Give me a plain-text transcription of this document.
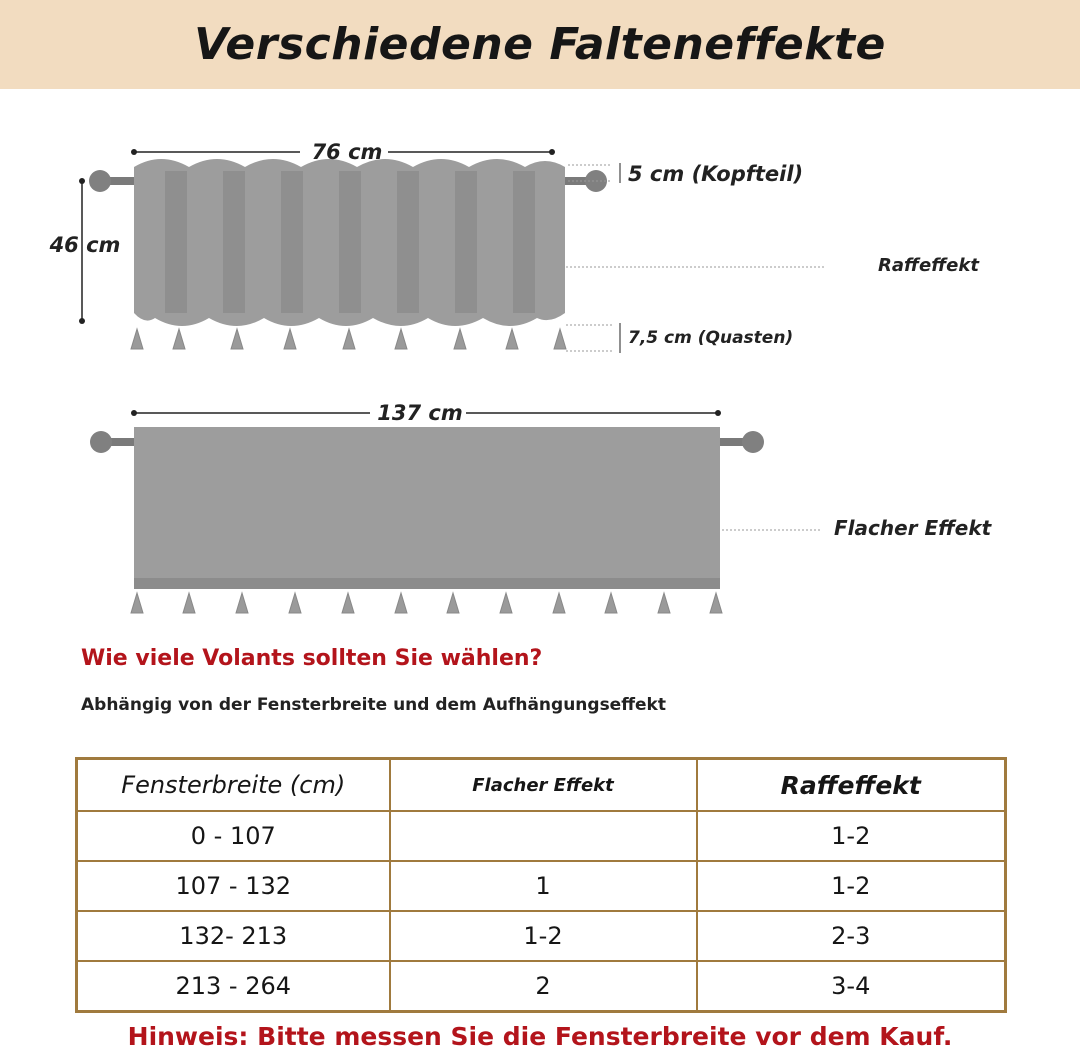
Verschiedene Falteneffekte
76 cm
46 cm
5 cm (Kopfteil)
7,5 cm (Quasten)
Raffeffekt
137 cm
Flacher Effekt

Wie viele Volants sollten Sie wählen?

Abhängig von der Fensterbreite und dem Aufhängungseffekt

Fensterbreite (cm)	Flacher Effekt	Raffeffekt
0 - 107		1-2
107 - 132	1	1-2
132- 213	1-2	2-3
213 - 264	2	3-4

Hinweis: Bitte messen Sie die Fensterbreite vor dem Kauf.
